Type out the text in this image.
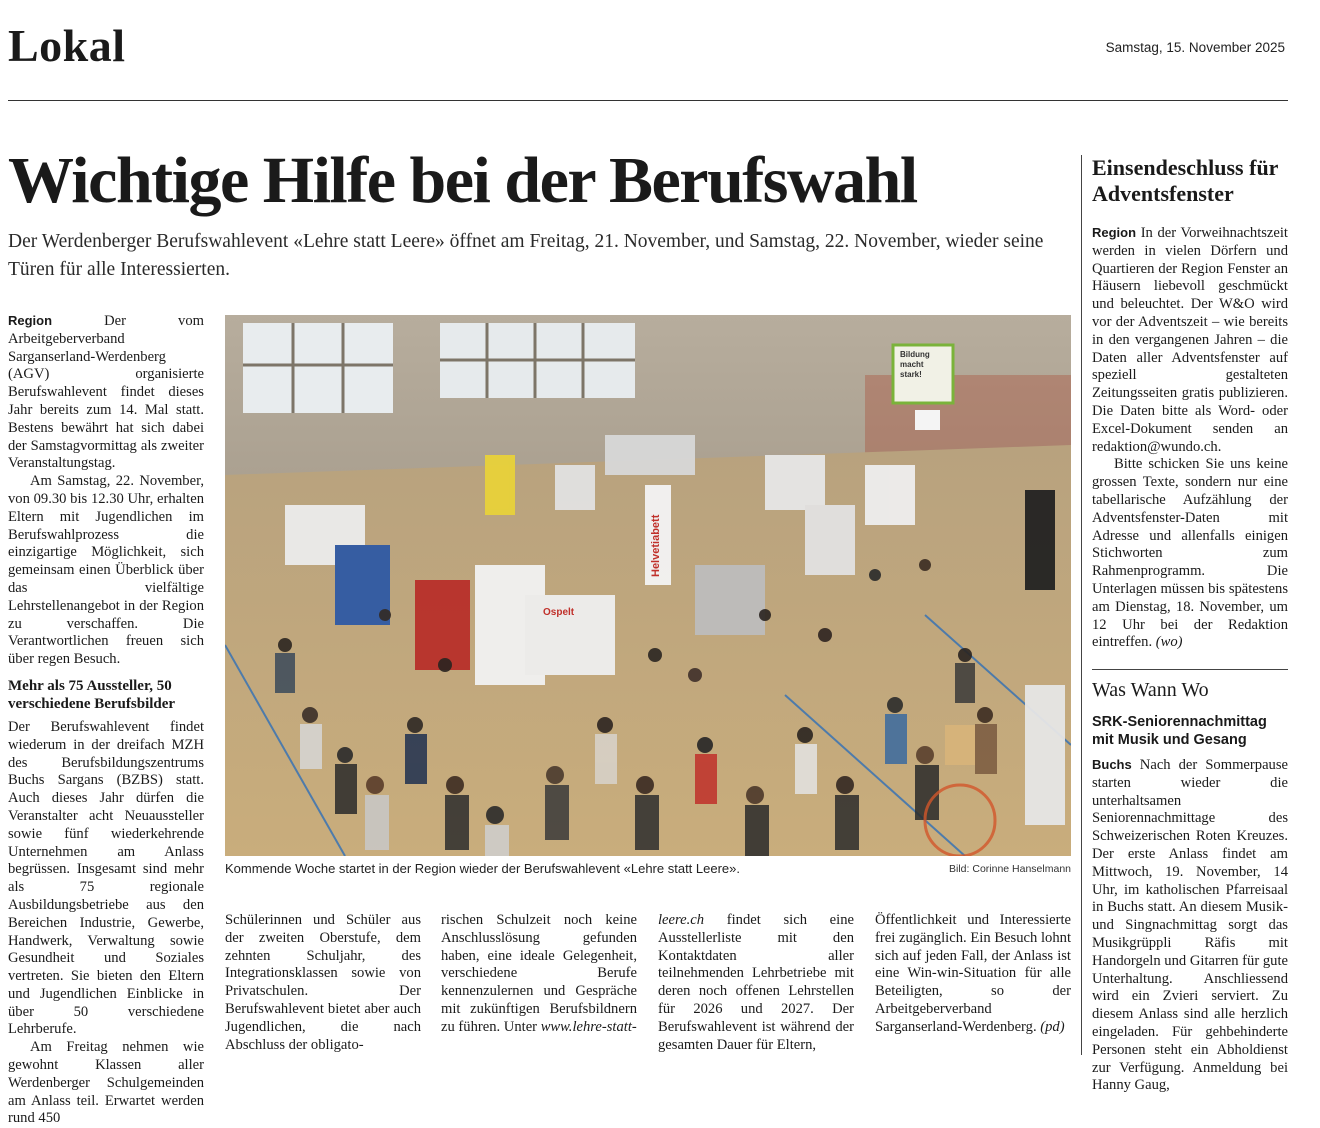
Lokal	Samstag, 15. November 2025
Wichtige Hilfe bei der Berufswahl
Der Werdenberger Berufswahlevent «Lehre statt Leere» öffnet am Freitag, 21. November, und Samstag, 22. November, wieder seine Türen für alle Interessierten.

Region	Der vom Arbeitgeberverband Sarganserland-Werdenberg (AGV) organisierte Berufswahlevent findet dieses Jahr bereits zum 14. Mal statt. Bestens bewährt hat sich dabei der Samstagvormittag als zweiter Veranstaltungstag.

Am Samstag, 22. November, von 09.30 bis 12.30 Uhr, erhalten Eltern mit Jugendlichen im Berufswahlprozess die einzigartige Möglichkeit, sich gemeinsam einen Überblick über das vielfältige Lehrstellenangebot in der Region zu verschaffen. Die Verantwortlichen freuen sich über regen Besuch.

Mehr als 75 Aussteller, 50 verschiedene Berufsbilder

Der Berufswahlevent findet wiederum in der dreifach MZH des Berufsbildungszentrums Buchs Sargans (BZBS) statt. Auch dieses Jahr dürfen die Veranstalter acht Neuaussteller sowie fünf wiederkehrende Unternehmen am Anlass begrüssen. Insgesamt sind mehr als 75 regionale Ausbildungsbetriebe aus den Bereichen Industrie, Gewerbe, Handwerk, Verwaltung sowie Gesundheit und Soziales vertreten. Sie bieten den Eltern und Jugendlichen Einblicke in über 50 verschiedene Lehrberufe.

Am Freitag nehmen wie gewohnt Klassen aller Werdenberger Schulgemeinden am Anlass teil. Erwartet werden rund 450

Bildung
macht
stark!
Helvetiabett
Ospelt
Kommende Woche startet in der Region wieder der Berufswahlevent «Lehre statt Leere».	Bild: Corinne Hanselmann

Schülerinnen und Schüler aus der zweiten Oberstufe, dem zehnten Schuljahr, des Integrationsklassen sowie von Privatschulen. Der Berufswahlevent bietet aber auch Jugendlichen, die nach Abschluss der obligato-

rischen Schulzeit noch keine Anschlusslösung gefunden haben, eine ideale Gelegenheit, verschiedene Berufe kennenzulernen und Gespräche mit zukünftigen Berufsbildnern zu führen. Unter www.lehre-statt-

leere.ch findet sich eine Ausstellerliste mit den Kontaktdaten aller teilnehmenden Lehrbetriebe mit deren noch offenen Lehrstellen für 2026 und 2027. Der Berufswahlevent ist während der gesamten Dauer für Eltern,

Öffentlichkeit und Interessierte frei zugänglich. Ein Besuch lohnt sich auf jeden Fall, der Anlass ist eine Win-win-Situation für alle Beteiligten, so der Arbeitgeberverband Sarganserland-Werdenberg. (pd)

Einsendeschluss für Adventsfenster

Region In der Vorweihnachtszeit werden in vielen Dörfern und Quartieren der Region Fenster an Häusern liebevoll geschmückt und beleuchtet. Der W&O wird vor der Adventszeit – wie bereits in den vergangenen Jahren – die Daten aller Adventsfenster auf speziell gestalteten Zeitungsseiten gratis publizieren. Die Daten bitte als Word- oder Excel-Dokument senden an redaktion@wundo.ch.

Bitte schicken Sie uns keine grossen Texte, sondern nur eine tabellarische Aufzählung der Adventsfenster-Daten mit Adresse und allenfalls einigen Stichworten zum Rahmenprogramm. Die Unterlagen müssen bis spätestens am Dienstag, 18. November, um 12 Uhr bei der Redaktion eintreffen. (wo)

Was Wann Wo
SRK-Seniorennachmittag mit Musik und Gesang

Buchs Nach der Sommerpause starten wieder die unterhaltsamen Seniorennachmittage des Schweizerischen Roten Kreuzes. Der erste Anlass findet am Mittwoch, 19. November, 14 Uhr, im katholischen Pfarreisaal in Buchs statt. An diesem Musik- und Singnachmittag sorgt das Musikgrüppli Räfis mit Handorgeln und Gitarren für gute Unterhaltung. Anschliessend wird ein Zvieri serviert. Zu diesem Anlass sind alle herzlich eingeladen. Für gehbehinderte Personen steht ein Abholdienst zur Verfügung. Anmeldung bei Hanny Gaug,
